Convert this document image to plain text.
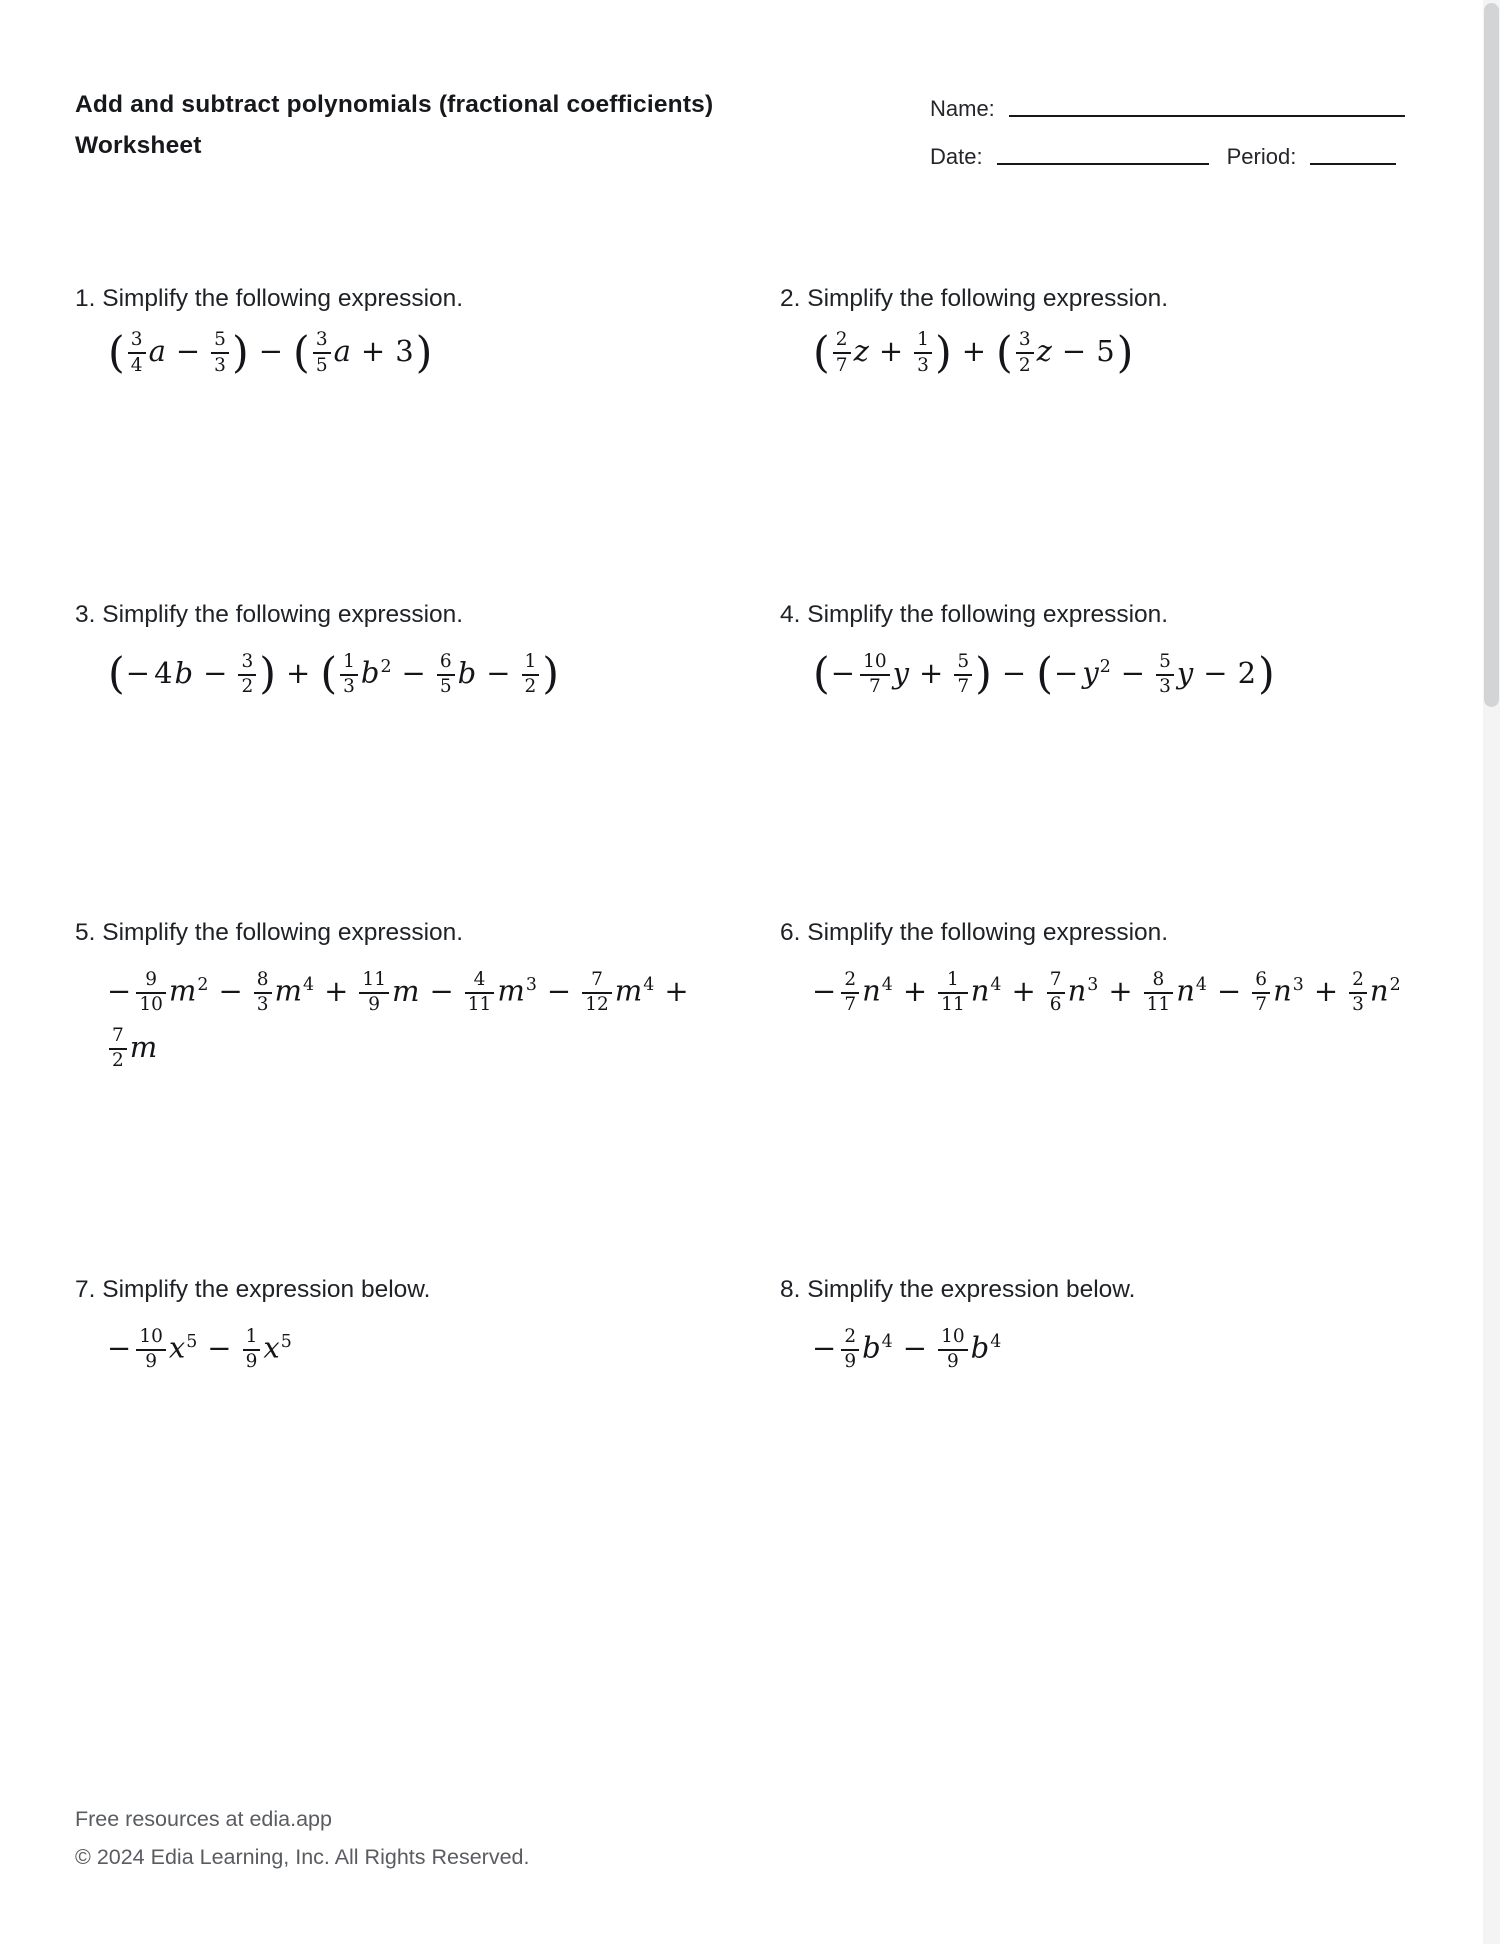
Add and subtract polynomials (fractional coefficients)
Worksheet
Name:
Date:	Period:
1. Simplify the following expression.
( $\frac{3}{4}$ $a - \frac{5}{3}$ ) − ( $\frac{3}{5}$ a + 3)
2. Simplify the following expression.
( $\frac{2}{7}$ $z + \frac{1}{3}$ ) + ( $\frac{3}{2}$ z − 5)
3. Simplify the following expression.
(− $4b - \frac{3}{2}$ ) + ( $\frac{1}{3} b^2 - \frac{6}{5}$ $b - \frac{1}{2}$ )
4. Simplify the following expression.
(− $\frac{10}{7}$ $y + \frac{5}{7}$ ) − (− $y^2 - \frac{5}{3}$ y − 2)
5. Simplify the following expression.
− $\frac{9}{10} m^2 - \frac{8}{3} m^4 + \frac{11}{9}$ $m - \frac{4}{11} m^3 - \frac{7}{12} m^4$ +

$\frac{7}{2}$ m
6. Simplify the following expression.
− $\frac{2}{7} n^4 + \frac{1}{11} n^4 + \frac{7}{6} n^3 + \frac{8}{11} n^4 - \frac{6}{7} n^3 + \frac{2}{3} n^2$
7. Simplify the expression below.
− $\frac{10}{9} x^5 - \frac{1}{9} x^5$
8. Simplify the expression below.
− $\frac{2}{9} b^4 - \frac{10}{9} b^4$
Free resources at edia.app
© 2024 Edia Learning, Inc. All Rights Reserved.
